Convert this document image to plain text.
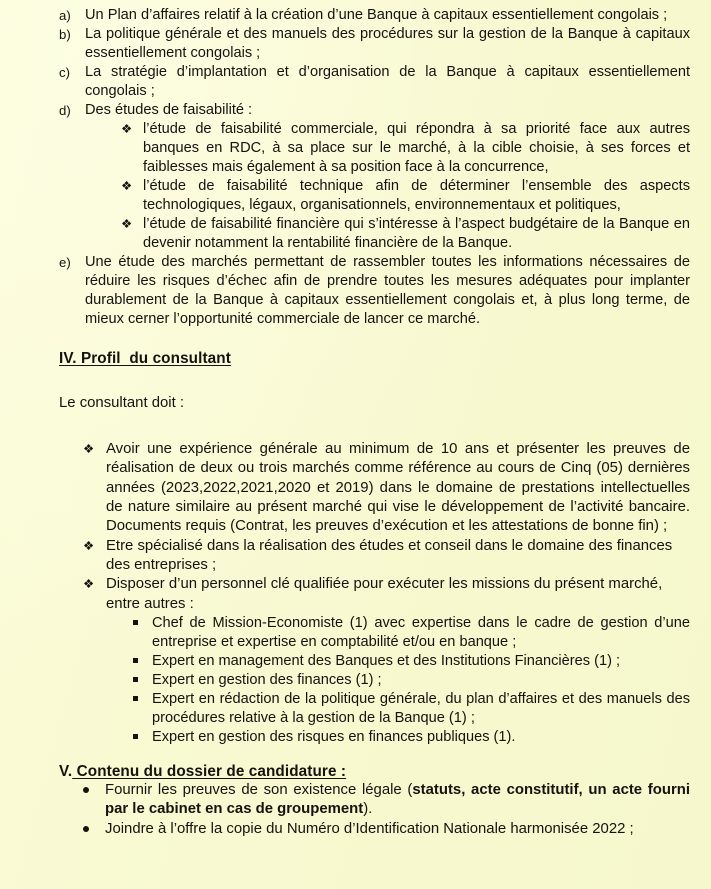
a) Un Plan d’affaires relatif à la création d’une Banque à capitaux essentiellement congolais ;
b) La politique générale et des manuels des procédures sur la gestion de la Banque à capitaux essentiellement congolais ;
c)	La stratégie d’implantation et d’organisation de la Banque à capitaux essentiellement congolais ;
d) Des études de faisabilité :
❖ l’étude de faisabilité commerciale, qui répondra à sa priorité face aux autres banques en RDC, à sa place sur le marché, à la cible choisie, à ses forces et faiblesses mais également à sa position face à la concurrence,
❖ l’étude de faisabilité technique afin de déterminer l’ensemble des aspects technologiques, légaux, organisationnels, environnementaux et politiques,
❖ l’étude de faisabilité financière qui s’intéresse à l’aspect budgétaire de la Banque en devenir notamment la rentabilité financière de la Banque.
e) Une étude des marchés permettant de rassembler toutes les informations nécessaires de réduire les risques d’échec afin de prendre toutes les mesures adéquates pour implanter durablement de la Banque à capitaux essentiellement congolais et, à plus long terme, de mieux cerner l’opportunité commerciale de lancer ce marché.
IV. Profil  du consultant
Le consultant doit :
❖ Avoir une expérience générale au minimum de 10 ans et présenter les preuves de réalisation de deux ou trois marchés comme référence au cours de Cinq (05) dernières années (2023,2022,2021,2020 et 2019) dans le domaine de prestations intellectuelles de nature similaire au présent marché qui vise le développement de l’activité bancaire. Documents requis (Contrat, les preuves d’exécution et les attestations de bonne fin) ;
❖ Etre spécialisé dans la réalisation des études et conseil dans le domaine des finances des entreprises ;
❖ Disposer d’un personnel clé qualifiée pour exécuter les missions du présent marché, entre autres :
Chef de Mission-Economiste (1) avec expertise dans le cadre de gestion d’une entreprise et expertise en comptabilité et/ou en banque ;
Expert en management des Banques et des Institutions Financières (1) ;
Expert en gestion des finances (1) ;
Expert en rédaction de la politique générale, du plan d’affaires et des manuels des procédures relative à la gestion de la Banque (1) ;
Expert en gestion des risques en finances publiques (1).
V. Contenu du dossier de candidature :
Fournir les preuves de son existence légale (statuts, acte constitutif, un acte fourni par le cabinet en cas de groupement).
Joindre à l’offre la copie du Numéro d’Identification Nationale harmonisée 2022 ;
